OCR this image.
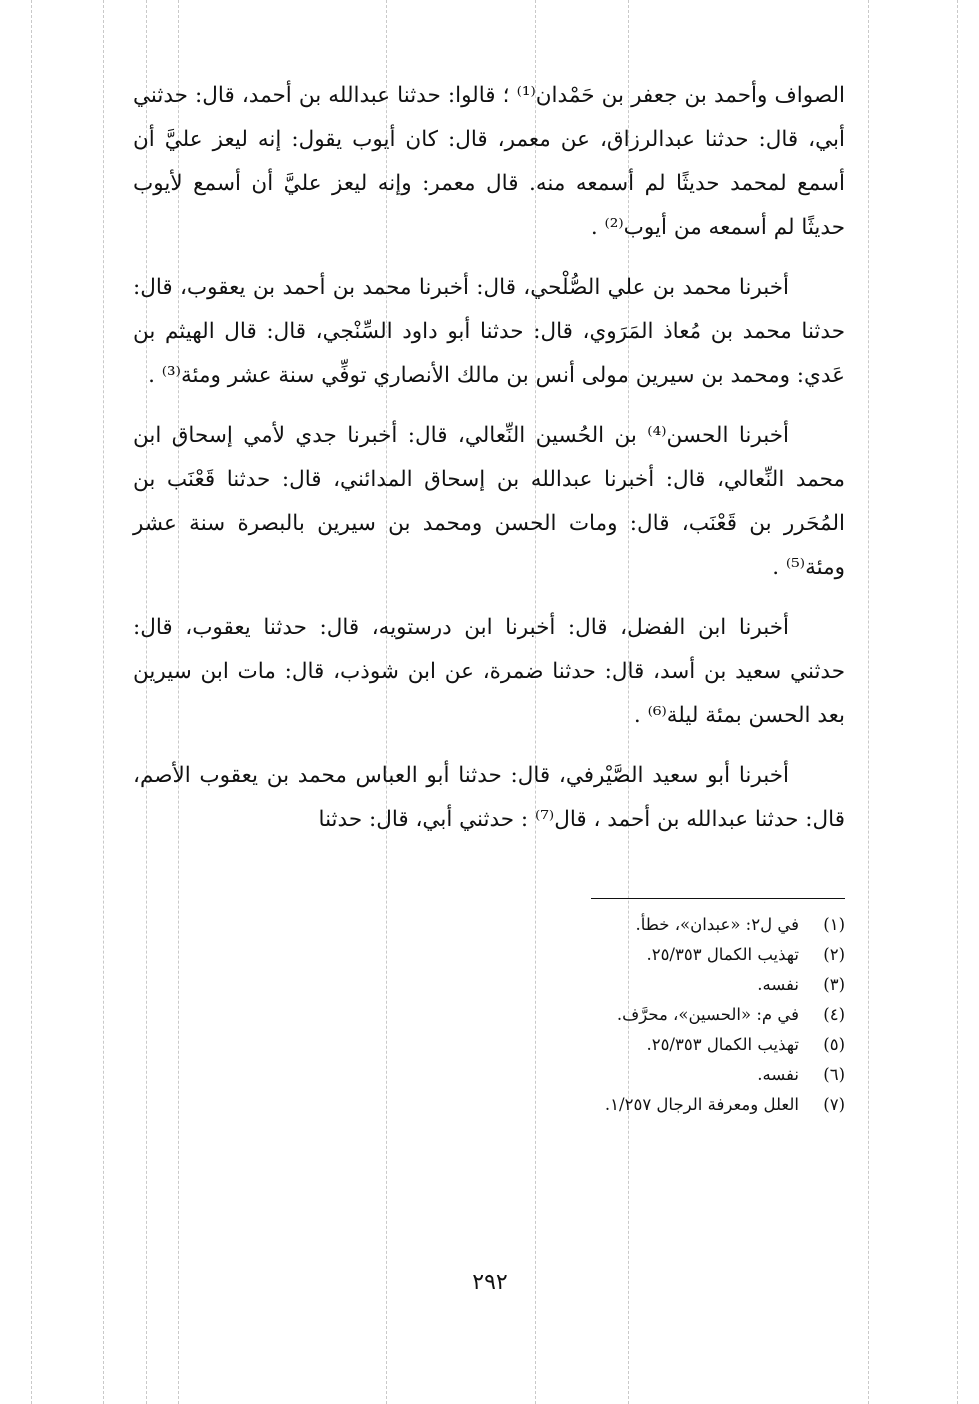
الصواف وأحمد بن جعفر بن حَمْدان⁽¹⁾ ؛ قالوا: حدثنا عبدالله بن أحمد، قال: حدثني أبي، قال: حدثنا عبدالرزاق، عن معمر، قال: كان أيوب يقول: إنه ليعز عليَّ أن أسمع لمحمد حديثًا لم أسمعه منه. قال معمر: وإنه ليعز عليَّ أن أسمع لأيوب حديثًا لم أسمعه من أيوب⁽²⁾ .

أخبرنا محمد بن علي الصُّلْحي، قال: أخبرنا محمد بن أحمد بن يعقوب، قال: حدثنا محمد بن مُعاذ المَرَوي، قال: حدثنا أبو داود السِّنْجي، قال: قال الهيثم بن عَدي: ومحمد بن سيرين مولى أنس بن مالك الأنصاري توفِّي سنة عشر ومئة⁽³⁾ .

أخبرنا الحسن⁽⁴⁾ بن الحُسين النِّعالي، قال: أخبرنا جدي لأمي إسحاق ابن محمد النِّعالي، قال: أخبرنا عبدالله بن إسحاق المدائني، قال: حدثنا قَعْنَب بن المُحَرر بن قَعْنَب، قال: ومات الحسن ومحمد بن سيرين بالبصرة سنة عشر ومئة⁽⁵⁾ .

أخبرنا ابن الفضل، قال: أخبرنا ابن درستويه، قال: حدثنا يعقوب، قال: حدثني سعيد بن أسد، قال: حدثنا ضمرة، عن ابن شوذب، قال: مات ابن سيرين بعد الحسن بمئة ليلة⁽⁶⁾ .

أخبرنا أبو سعيد الصَّيْرفي، قال: حدثنا أبو العباس محمد بن يعقوب الأصم، قال: حدثنا عبدالله بن أحمد ، قال⁽⁷⁾ : حدثني أبي، قال: حدثنا

(١)
في ل٢: «عبدان»، خطأ.
(٢)
تهذيب الكمال ٢٥/٣٥٣.
(٣)
نفسه.
(٤)
في م: «الحسين»، محرَّف.
(٥)
تهذيب الكمال ٢٥/٣٥٣.
(٦)
نفسه.
(٧)
العلل ومعرفة الرجال ١/٢٥٧.
٢٩٢
